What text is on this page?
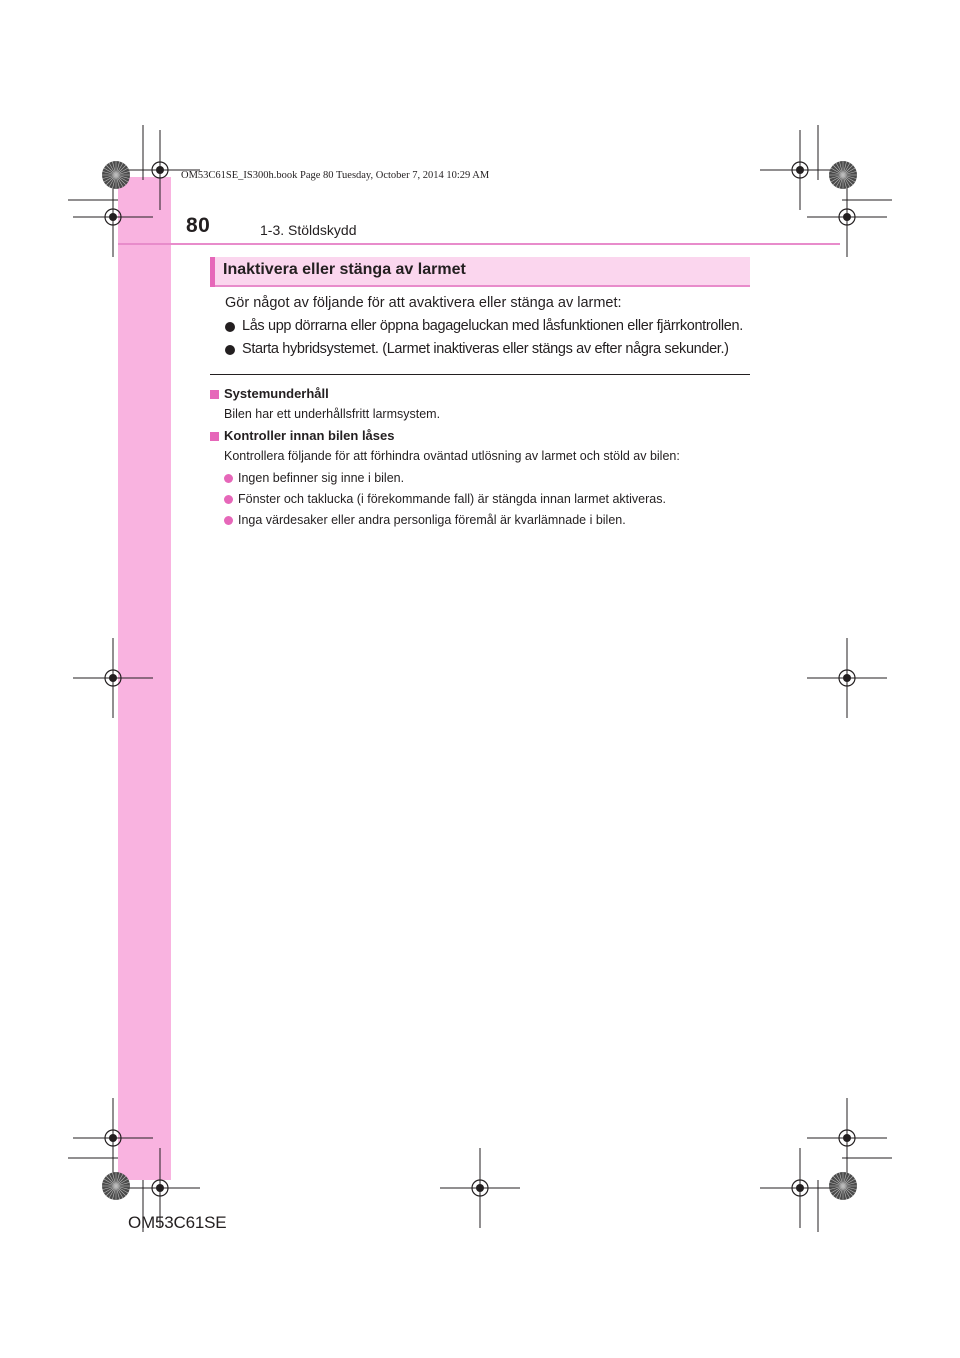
OM53C61SE_IS300h.book Page 80 Tuesday, October 7, 2014 10:29 AM
80	1-3. Stöldskydd
Inaktivera eller stänga av larmet
Gör något av följande för att avaktivera eller stänga av larmet:
Lås upp dörrarna eller öppna bagageluckan med låsfunktionen eller fjärrkontrollen.
Starta hybridsystemet. (Larmet inaktiveras eller stängs av efter några sekunder.)
Systemunderhåll
Bilen har ett underhållsfritt larmsystem.
Kontroller innan bilen låses
Kontrollera följande för att förhindra oväntad utlösning av larmet och stöld av bilen:
Ingen befinner sig inne i bilen.
Fönster och taklucka (i förekommande fall) är stängda innan larmet aktiveras.
Inga värdesaker eller andra personliga föremål är kvarlämnade i bilen.
OM53C61SE
